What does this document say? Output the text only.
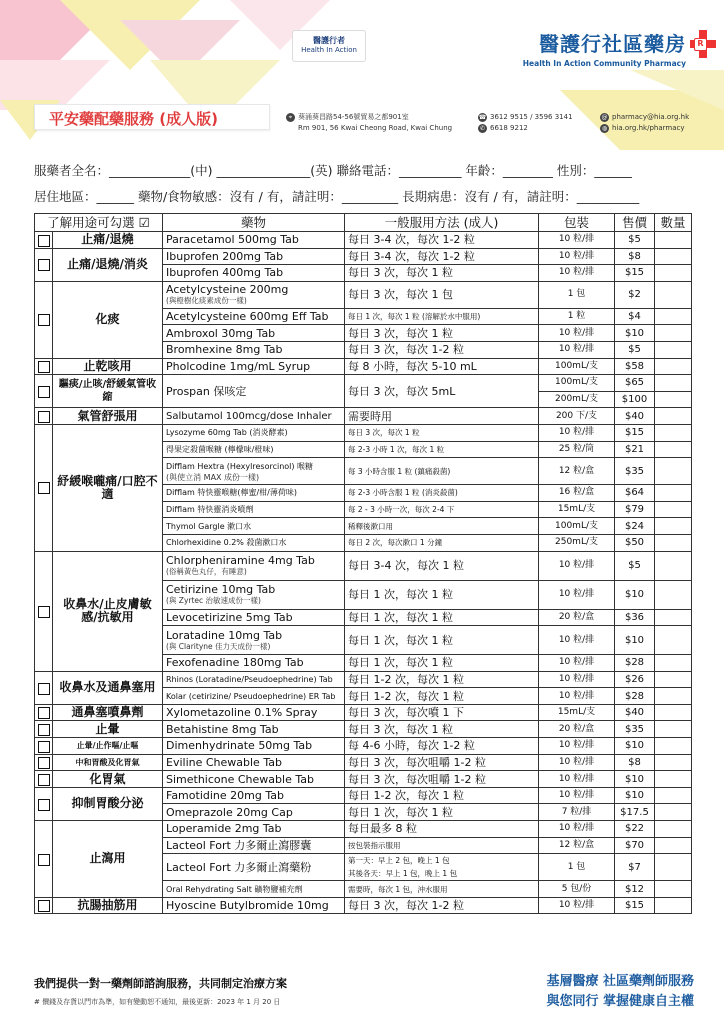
醫護行者
Health In Action	醫護行社區藥房
Health In Action Community Pharmacy
R
平安藥配藥服務 (成人版)	⌖ 葵涌葵昌路54-56號貿易之都901室
Rm 901, 56 Kwai Cheong Road, Kwai Chung
☎ 3612 9515 / 3596 3141
✆ 6618 9212
@ pharmacy@hia.org.hk
◍ hia.org.hk/pharmacy
服藥者全名：_____________(中) _______________(英) 聯絡電話：__________ 年齡：________ 性別：______
居住地區：______ 藥物/食物敏感：沒有 / 有，請註明：_________ 長期病患：沒有 / 有，請註明：__________
了解用途可勾選 ☑		藥物	一般服用方法 (成人)	包裝	售價	數量
	止痛/退燒	Paracetamol 500mg Tab	每日 3-4 次，每次 1-2 粒	10 粒/排	$5	
	止痛/退燒/消炎	Ibuprofen 200mg Tab	每日 3-4 次，每次 1-2 粒	10 粒/排	$8	
		Ibuprofen 400mg Tab	每日 3 次，每次 1 粒	10 粒/排	$15	
	化痰	Acetylcysteine 200mg
(與橙樹化痰素成份一樣)	每日 3 次，每次 1 包	1 包	$2	
		Acetylcysteine 600mg Eff Tab	每日 1 次，每次 1 粒 (溶解於水中服用)	1 粒	$4	
		Ambroxol 30mg Tab	每日 3 次，每次 1 粒	10 粒/排	$10	
		Bromhexine 8mg Tab	每日 3 次，每次 1-2 粒	10 粒/排	$5	
	止乾咳用	Pholcodine 1mg/mL Syrup	每 8 小時，每次 5-10 mL	100mL/支	$58	
	驅痰/止咳/舒緩氣管收縮	Prospan 保咳定	每日 3 次，每次 5mL	100mL/支	$65	
				200mL/支	$100	
	氣管舒張用	Salbutamol 100mcg/dose Inhaler	需要時用	200 下/支	$40	
	紓緩喉嚨痛/口腔不適	Lysozyme 60mg Tab (消炎酵素)	每日 3 次，每次 1 粒	10 粒/排	$15	
		得果定殺菌喉糖 (檸檬味/橙味)	每 2-3 小時 1 次，每次 1 粒	25 粒/筒	$21	
		Difflam Hextra (Hexylresorcinol) 喉糖
(與使立消 MAX 成份一樣)	每 3 小時含服 1 粒 (鎮痛殺菌)	12 粒/盒	$35	
		Difflam 特快靈喉糖(檸蜜/柑/薄荷味)	每 2-3 小時含服 1 粒 (消炎殺菌)	16 粒/盒	$64	
		Difflam 特快靈消炎噴劑	每 2 - 3 小時一次，每次 2-4 下	15mL/支	$79	
		Thymol Gargle 漱口水	稀釋後漱口用	100mL/支	$24	
		Chlorhexidine 0.2% 殺菌漱口水	每日 2 次，每次漱口 1 分鐘	250mL/支	$50	
	收鼻水/止皮膚敏感/抗敏用	Chlorpheniramine 4mg Tab
(俗稱黃色丸仔，有睡意)	每日 3-4 次，每次 1 粒	10 粒/排	$5	
		Cetirizine 10mg Tab
(與 Zyrtec 治敏速成份一樣)	每日 1 次，每次 1 粒	10 粒/排	$10	
		Levocetirizine 5mg Tab	每日 1 次，每次 1 粒	20 粒/盒	$36	
		Loratadine 10mg Tab
(與 Clarityne 佳力天成份一樣)	每日 1 次，每次 1 粒	10 粒/排	$10	
		Fexofenadine 180mg Tab	每日 1 次，每次 1 粒	10 粒/排	$28	
	收鼻水及通鼻塞用	Rhinos (Loratadine/Pseudoephedrine) Tab	每日 1-2 次，每次 1 粒	10 粒/排	$26	
		Kolar (cetirizine/ Pseudoephedrine) ER Tab	每日 1-2 次，每次 1 粒	10 粒/排	$28	
	通鼻塞噴鼻劑	Xylometazoline 0.1% Spray	每日 3 次，每次噴 1 下	15mL/支	$40	
	止暈	Betahistine 8mg Tab	每日 3 次，每次 1 粒	20 粒/盒	$35	
	止暈/止作嘔/止嘔	Dimenhydrinate 50mg Tab	每 4-6 小時，每次 1-2 粒	10 粒/排	$10	
	中和胃酸及化胃氣	Eviline Chewable Tab	每日 3 次，每次咀嚼 1-2 粒	10 粒/排	$8	
	化胃氣	Simethicone Chewable Tab	每日 3 次，每次咀嚼 1-2 粒	10 粒/排	$10	
	抑制胃酸分泌	Famotidine 20mg Tab	每日 1-2 次，每次 1 粒	10 粒/排	$10	
		Omeprazole 20mg Cap	每日 1 次，每次 1 粒	7 粒/排	$17.5	
	止瀉用	Loperamide 2mg Tab	每日最多 8 粒	10 粒/排	$22	
		Lacteol Fort 力多爾止瀉膠囊	按包裝指示服用	12 粒/盒	$70	
		Lacteol Fort 力多爾止瀉藥粉	第一天：早上 2 包，晚上 1 包
其後各天：早上 1 包，晚上 1 包	1 包	$7	
		Oral Rehydrating Salt 礦物鹽補充劑	需要時，每次 1 包，沖水服用	5 包/份	$12	
	抗腸抽筋用	Hyoscine Butylbromide 10mg	每日 3 次，每次 1-2 粒	10 粒/排	$15	
我們提供一對一藥劑師諮詢服務，共同制定治療方案
# 價錢及存貨以門市為準，如有變動恕不通知，最後更新：2023 年 1 月 20 日
基層醫療 社區藥劑師服務
與您同行 掌握健康自主權
